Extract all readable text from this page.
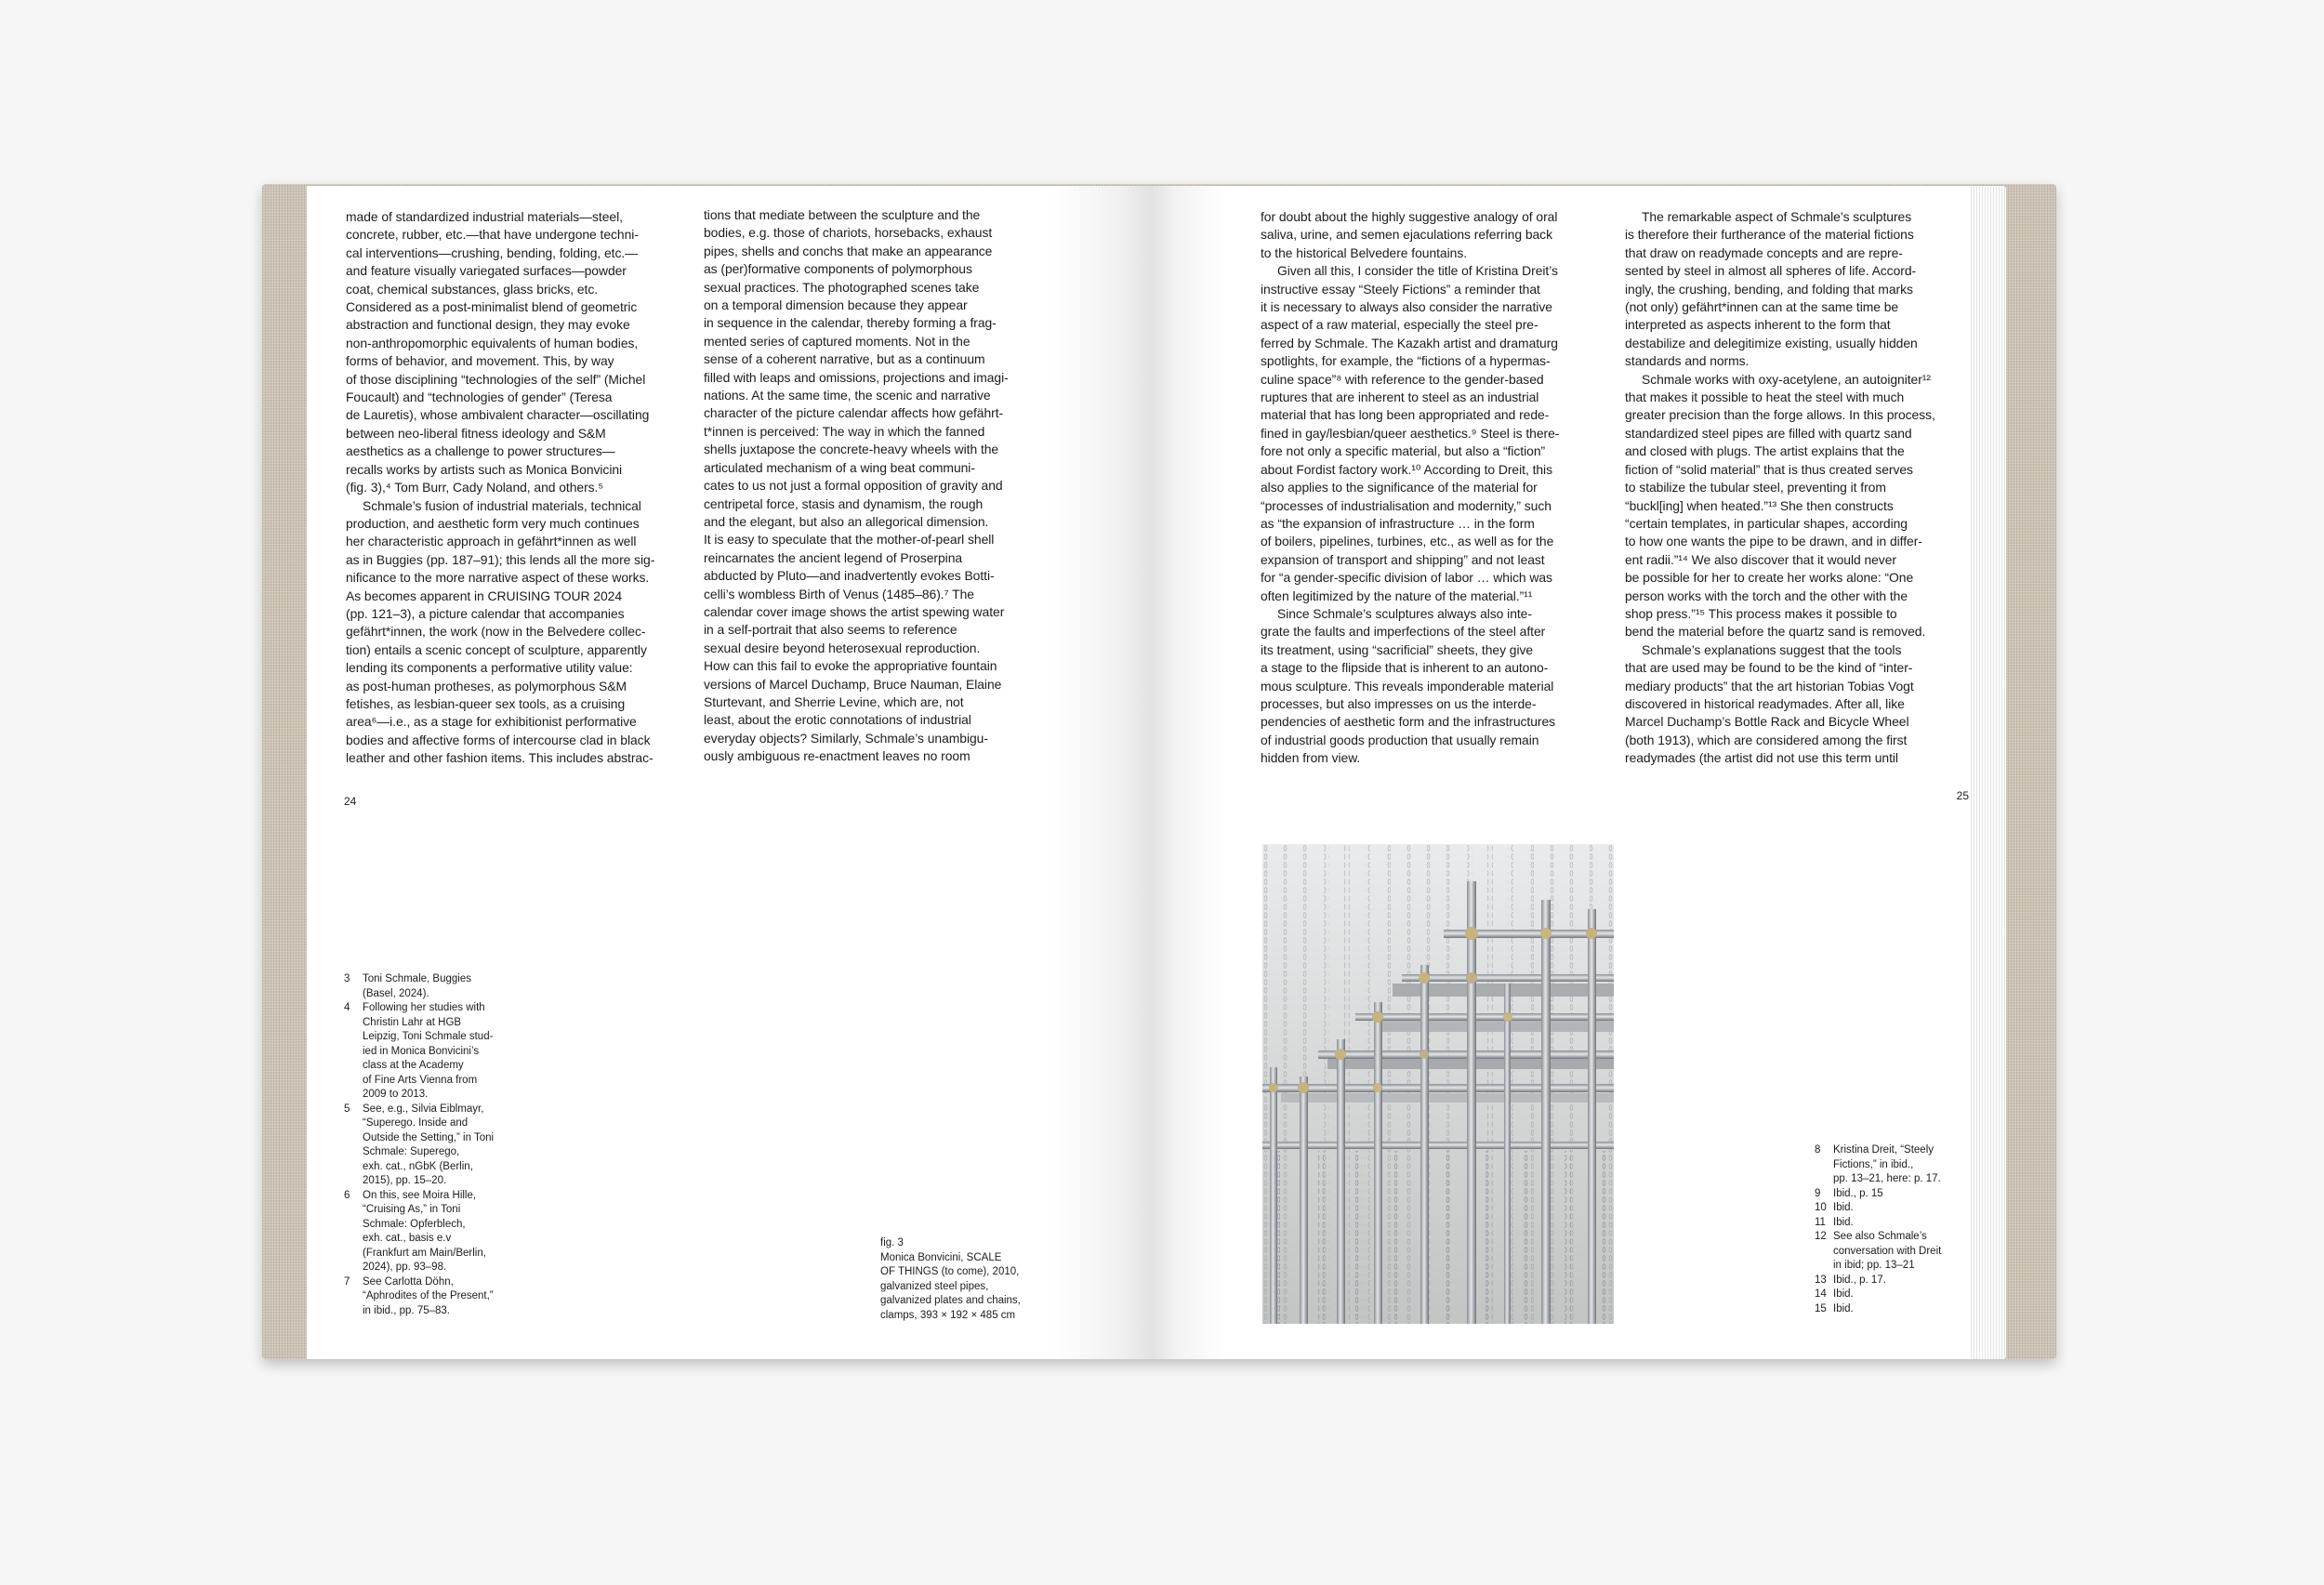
made of standardized industrial materials—steel,
concrete, rubber, etc.—that have undergone techni-
cal interventions—crushing, bending, folding, etc.—
and feature visually variegated surfaces—powder
coat, chemical substances, glass bricks, etc.
Considered as a post-minimalist blend of geometric
abstraction and functional design, they may evoke
non-anthropomorphic equivalents of human bodies,
forms of behavior, and movement. This, by way
of those disciplining “technologies of the self” (Michel
Foucault) and “technologies of gender” (Teresa
de Lauretis), whose ambivalent character—oscillating
between neo-liberal fitness ideology and S&M
aesthetics as a challenge to power structures—
recalls works by artists such as Monica Bonvicini
(fig. 3),⁴ Tom Burr, Cady Noland, and others.⁵

Schmale’s fusion of industrial materials, technical
production, and aesthetic form very much continues
her characteristic approach in gefährt*innen as well
as in Buggies (pp. 187–91); this lends all the more sig-
nificance to the more narrative aspect of these works.
As becomes apparent in CRUISING TOUR 2024
(pp. 121–3), a picture calendar that accompanies
gefährt*innen, the work (now in the Belvedere collec-
tion) entails a scenic concept of sculpture, apparently
lending its components a performative utility value:
as post-human protheses, as polymorphous S&M
fetishes, as lesbian-queer sex tools, as a cruising
area⁶—i.e., as a stage for exhibitionist performative
bodies and affective forms of intercourse clad in black
leather and other fashion items. This includes abstrac-

tions that mediate between the sculpture and the
bodies, e.g. those of chariots, horsebacks, exhaust
pipes, shells and conchs that make an appearance
as (per)formative components of polymorphous
sexual practices. The photographed scenes take
on a temporal dimension because they appear
in sequence in the calendar, thereby forming a frag-
mented series of captured moments. Not in the
sense of a coherent narrative, but as a continuum
filled with leaps and omissions, projections and imagi-
nations. At the same time, the scenic and narrative
character of the picture calendar affects how gefährt-
t*innen is perceived: The way in which the fanned
shells juxtapose the concrete-heavy wheels with the
articulated mechanism of a wing beat communi-
cates to us not just a formal opposition of gravity and
centripetal force, stasis and dynamism, the rough
and the elegant, but also an allegorical dimension.
It is easy to speculate that the mother-of-pearl shell
reincarnates the ancient legend of Proserpina
abducted by Pluto—and inadvertently evokes Botti-
celli’s wombless Birth of Venus (1485–86).⁷ The
calendar cover image shows the artist spewing water
in a self-portrait that also seems to reference
sexual desire beyond heterosexual reproduction.
How can this fail to evoke the appropriative fountain
versions of Marcel Duchamp, Bruce Nauman, Elaine
Sturtevant, and Sherrie Levine, which are, not
least, about the erotic connotations of industrial
everyday objects? Similarly, Schmale’s unambigu-
ously ambiguous re-enactment leaves no room

24
3	Toni Schmale, Buggies
(Basel, 2024).
4	Following her studies with
Christin Lahr at HGB
Leipzig, Toni Schmale stud-
ied in Monica Bonvicini’s
class at the Academy
of Fine Arts Vienna from
2009 to 2013.
5	See, e.g., Silvia Eiblmayr,
“Superego. Inside and
Outside the Setting,” in Toni
Schmale: Superego,
exh. cat., nGbK (Berlin,
2015), pp. 15–20.
6	On this, see Moira Hille,
“Cruising As,” in Toni
Schmale: Opferblech,
exh. cat., basis e.v
(Frankfurt am Main/Berlin,
2024), pp. 93–98.
7	See Carlotta Döhn,
“Aphrodites of the Present,”
in ibid., pp. 75–83.
fig. 3
Monica Bonvicini, SCALE
OF THINGS (to come), 2010,
galvanized steel pipes,
galvanized plates and chains,
clamps, 393 × 192 × 485 cm

for doubt about the highly suggestive analogy of oral
saliva, urine, and semen ejaculations referring back
to the historical Belvedere fountains.

Given all this, I consider the title of Kristina Dreit’s
instructive essay “Steely Fictions” a reminder that
it is necessary to always also consider the narrative
aspect of a raw material, especially the steel pre-
ferred by Schmale. The Kazakh artist and dramaturg
spotlights, for example, the “fictions of a hypermas-
culine space”⁸ with reference to the gender-based
ruptures that are inherent to steel as an industrial
material that has long been appropriated and rede-
fined in gay/lesbian/queer aesthetics.⁹ Steel is there-
fore not only a specific material, but also a “fiction”
about Fordist factory work.¹⁰ According to Dreit, this
also applies to the significance of the material for
“processes of industrialisation and modernity,” such
as “the expansion of infrastructure … in the form
of boilers, pipelines, turbines, etc., as well as for the
expansion of transport and shipping” and not least
for “a gender-specific division of labor … which was
often legitimized by the nature of the material.”¹¹

Since Schmale’s sculptures always also inte-
grate the faults and imperfections of the steel after
its treatment, using “sacrificial” sheets, they give
a stage to the flipside that is inherent to an autono-
mous sculpture. This reveals imponderable material
processes, but also impresses on us the interde-
pendencies of aesthetic form and the infrastructures
of industrial goods production that usually remain
hidden from view.

The remarkable aspect of Schmale’s sculptures
is therefore their furtherance of the material fictions
that draw on readymade concepts and are repre-
sented by steel in almost all spheres of life. Accord-
ingly, the crushing, bending, and folding that marks
(not only) gefährt*innen can at the same time be
interpreted as aspects inherent to the form that
destabilize and delegitimize existing, usually hidden
standards and norms.

Schmale works with oxy-acetylene, an autoigniter¹²
that makes it possible to heat the steel with much
greater precision than the forge allows. In this process,
standardized steel pipes are filled with quartz sand
and closed with plugs. The artist explains that the
fiction of “solid material” that is thus created serves
to stabilize the tubular steel, preventing it from
“buckl[ing] when heated.”¹³ She then constructs
“certain templates, in particular shapes, according
to how one wants the pipe to be drawn, and in differ-
ent radii.”¹⁴ We also discover that it would never
be possible for her to create her works alone: “One
person works with the torch and the other with the
shop press.”¹⁵ This process makes it possible to
bend the material before the quartz sand is removed.

Schmale’s explanations suggest that the tools
that are used may be found to be the kind of “inter-
mediary products” that the art historian Tobias Vogt
discovered in historical readymades. After all, like
Marcel Duchamp’s Bottle Rack and Bicycle Wheel
(both 1913), which are considered among the first
readymades (the artist did not use this term until

25
8	Kristina Dreit, “Steely
Fictions,” in ibid.,
pp. 13–21, here: p. 17.
9	Ibid., p. 15
10 Ibid.
11 Ibid.
12 See also Schmale’s
conversation with Dreit
in ibid; pp. 13–21
13 Ibid., p. 17.
14 Ibid.
15 Ibid.
